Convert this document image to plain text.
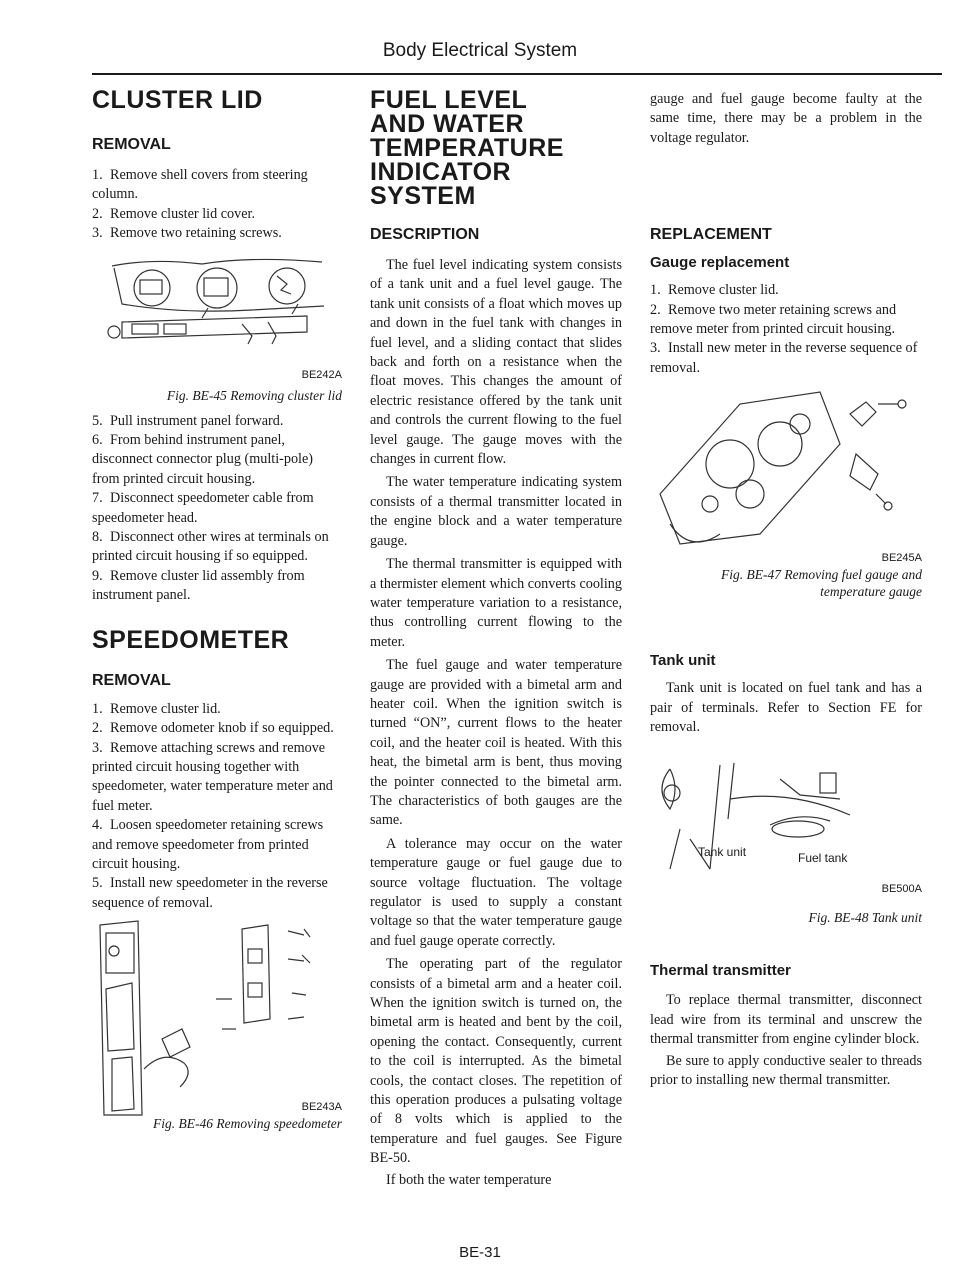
Body Electrical System
CLUSTER LID
REMOVAL
1. Remove shell covers from steering column.
2. Remove cluster lid cover.
3. Remove two retaining screws.
BE242A
Fig. BE-45 Removing cluster lid
5. Pull instrument panel forward.
6. From behind instrument panel, disconnect connector plug (multi-pole) from printed circuit housing.
7. Disconnect speedometer cable from speedometer head.
8. Disconnect other wires at terminals on printed circuit housing if so equipped.
9. Remove cluster lid assembly from instrument panel.
SPEEDOMETER
REMOVAL
1. Remove cluster lid.
2. Remove odometer knob if so equipped.
3. Remove attaching screws and remove printed circuit housing together with speedometer, water temperature meter and fuel meter.
4. Loosen speedometer retaining screws and remove speedometer from printed circuit housing.
5. Install new speedometer in the reverse sequence of removal.
BE243A
Fig. BE-46 Removing speedometer
FUEL LEVEL
AND WATER
TEMPERATURE
INDICATOR SYSTEM
DESCRIPTION

The fuel level indicating system consists of a tank unit and a fuel level gauge. The tank unit consists of a float which moves up and down in the fuel tank with changes in fuel level, and a sliding contact that slides back and forth on a resistance when the float moves. This changes the amount of electric resistance offered by the tank unit and controls the current flowing to the fuel level gauge. The gauge moves with the changes in current flow.

The water temperature indicating system consists of a thermal transmitter located in the engine block and a water temperature gauge.

The thermal transmitter is equipped with a thermister element which converts cooling water temperature variation to a resistance, thus controlling current flowing to the meter.

The fuel gauge and water temperature gauge are provided with a bimetal arm and heater coil. When the ignition switch is turned “ON”, current flows to the heater coil, and the heater coil is heated. With this heat, the bimetal arm is bent, thus moving the pointer connected to the bimetal arm. The characteristics of both gauges are the same.

A tolerance may occur on the water temperature gauge or fuel gauge due to source voltage fluctuation. The voltage regulator is used to supply a constant voltage so that the water temperature gauge and fuel gauge operate correctly.

The operating part of the regulator consists of a bimetal arm and a heater coil. When the ignition switch is turned on, the bimetal arm is heated and bent by the coil, opening the contact. Consequently, current to the coil is interrupted. As the bimetal cools, the contact closes. The repetition of this operation produces a pulsating voltage of 8 volts which is applied to the temperature and fuel gauges. See Figure BE-50.

If both the water temperature

gauge and fuel gauge become faulty at the same time, there may be a problem in the voltage regulator.

REPLACEMENT
Gauge replacement
1. Remove cluster lid.
2. Remove two meter retaining screws and remove meter from printed circuit housing.
3. Install new meter in the reverse sequence of removal.
BE245A
Fig. BE-47 Removing fuel gauge and
temperature gauge
Tank unit

Tank unit is located on fuel tank and has a pair of terminals. Refer to Section FE for removal.

Tank unit	Fuel tank
BE500A
Fig. BE-48 Tank unit
Thermal transmitter

To replace thermal transmitter, disconnect lead wire from its terminal and unscrew the thermal transmitter from engine cylinder block.

Be sure to apply conductive sealer to threads prior to installing new thermal transmitter.

BE-31
